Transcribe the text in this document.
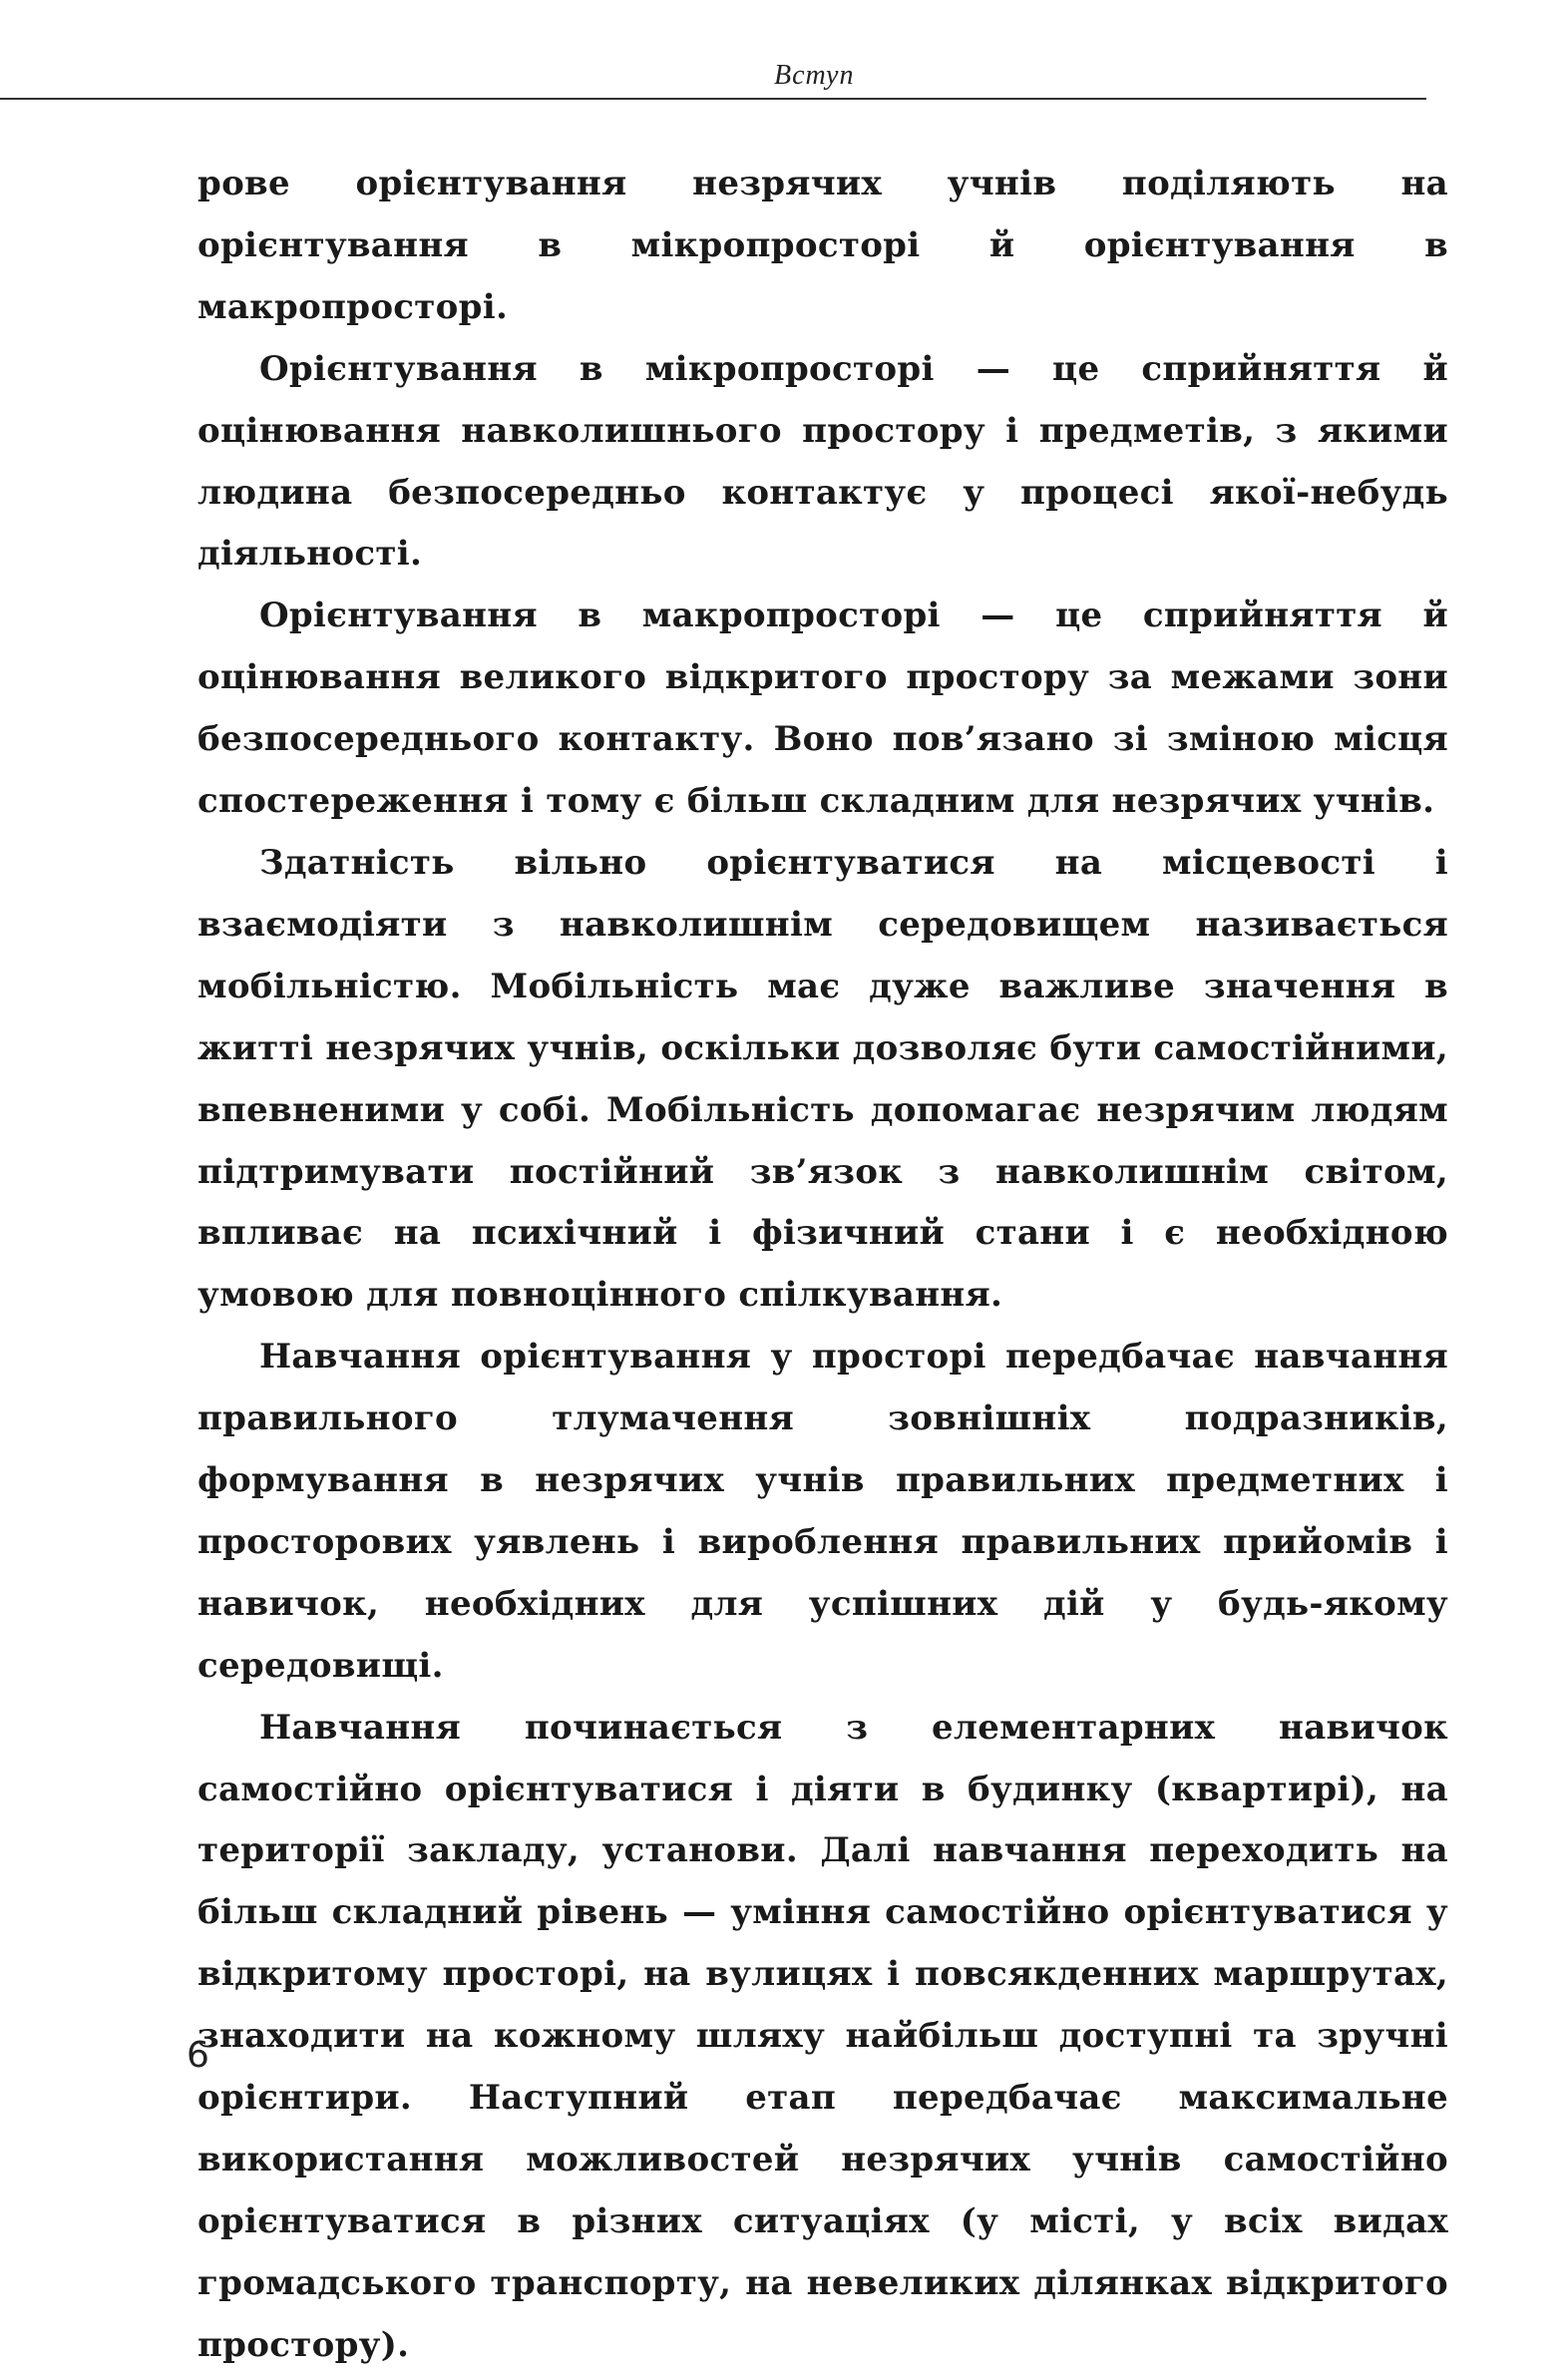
Вступ

рове орієнтування незрячих учнів поділяють на орієнтування в мікропросторі й орієнтування в макропросторі.

Орієнтування в мікропросторі — це сприйняття й оцінювання навколишнього простору і предметів, з якими людина безпосередньо контактує у процесі якої-небудь діяльності.

Орієнтування в макропросторі — це сприйняття й оцінювання великого відкритого простору за межами зони безпосереднього контакту. Воно пов’язано зі зміною місця спостереження і тому є більш складним для незрячих учнів.

Здатність вільно орієнтуватися на місцевості і взаємодіяти з навколишнім середовищем називається мобільністю. Мобільність має дуже важливе значення в житті незрячих учнів, оскільки дозволяє бути самостійними, впевненими у собі. Мобільність допомагає незрячим людям підтримувати постійний зв’язок з навколишнім світом, впливає на психічний і фізичний стани і є необхідною умовою для повноцінного спілкування.

Навчання орієнтування у просторі передбачає навчання правильного тлумачення зовнішніх подразників, формування в незрячих учнів правильних предметних і просторових уявлень і вироблення правильних прийомів і навичок, необхідних для успішних дій у будь-якому середовищі.

Навчання починається з елементарних навичок самостійно орієнтуватися і діяти в будинку (квартирі), на території закладу, установи. Далі навчання переходить на більш складний рівень — уміння самостійно орієнтуватися у відкритому просторі, на вулицях і повсякденних маршрутах, знаходити на кожному шляху найбільш доступні та зручні орієнтири. Наступний етап передбачає максимальне використання можливостей незрячих учнів самостійно орієнтуватися в різних ситуаціях (у місті, у всіх видах громадського транспорту, на невеликих ділянках відкритого простору).

6
